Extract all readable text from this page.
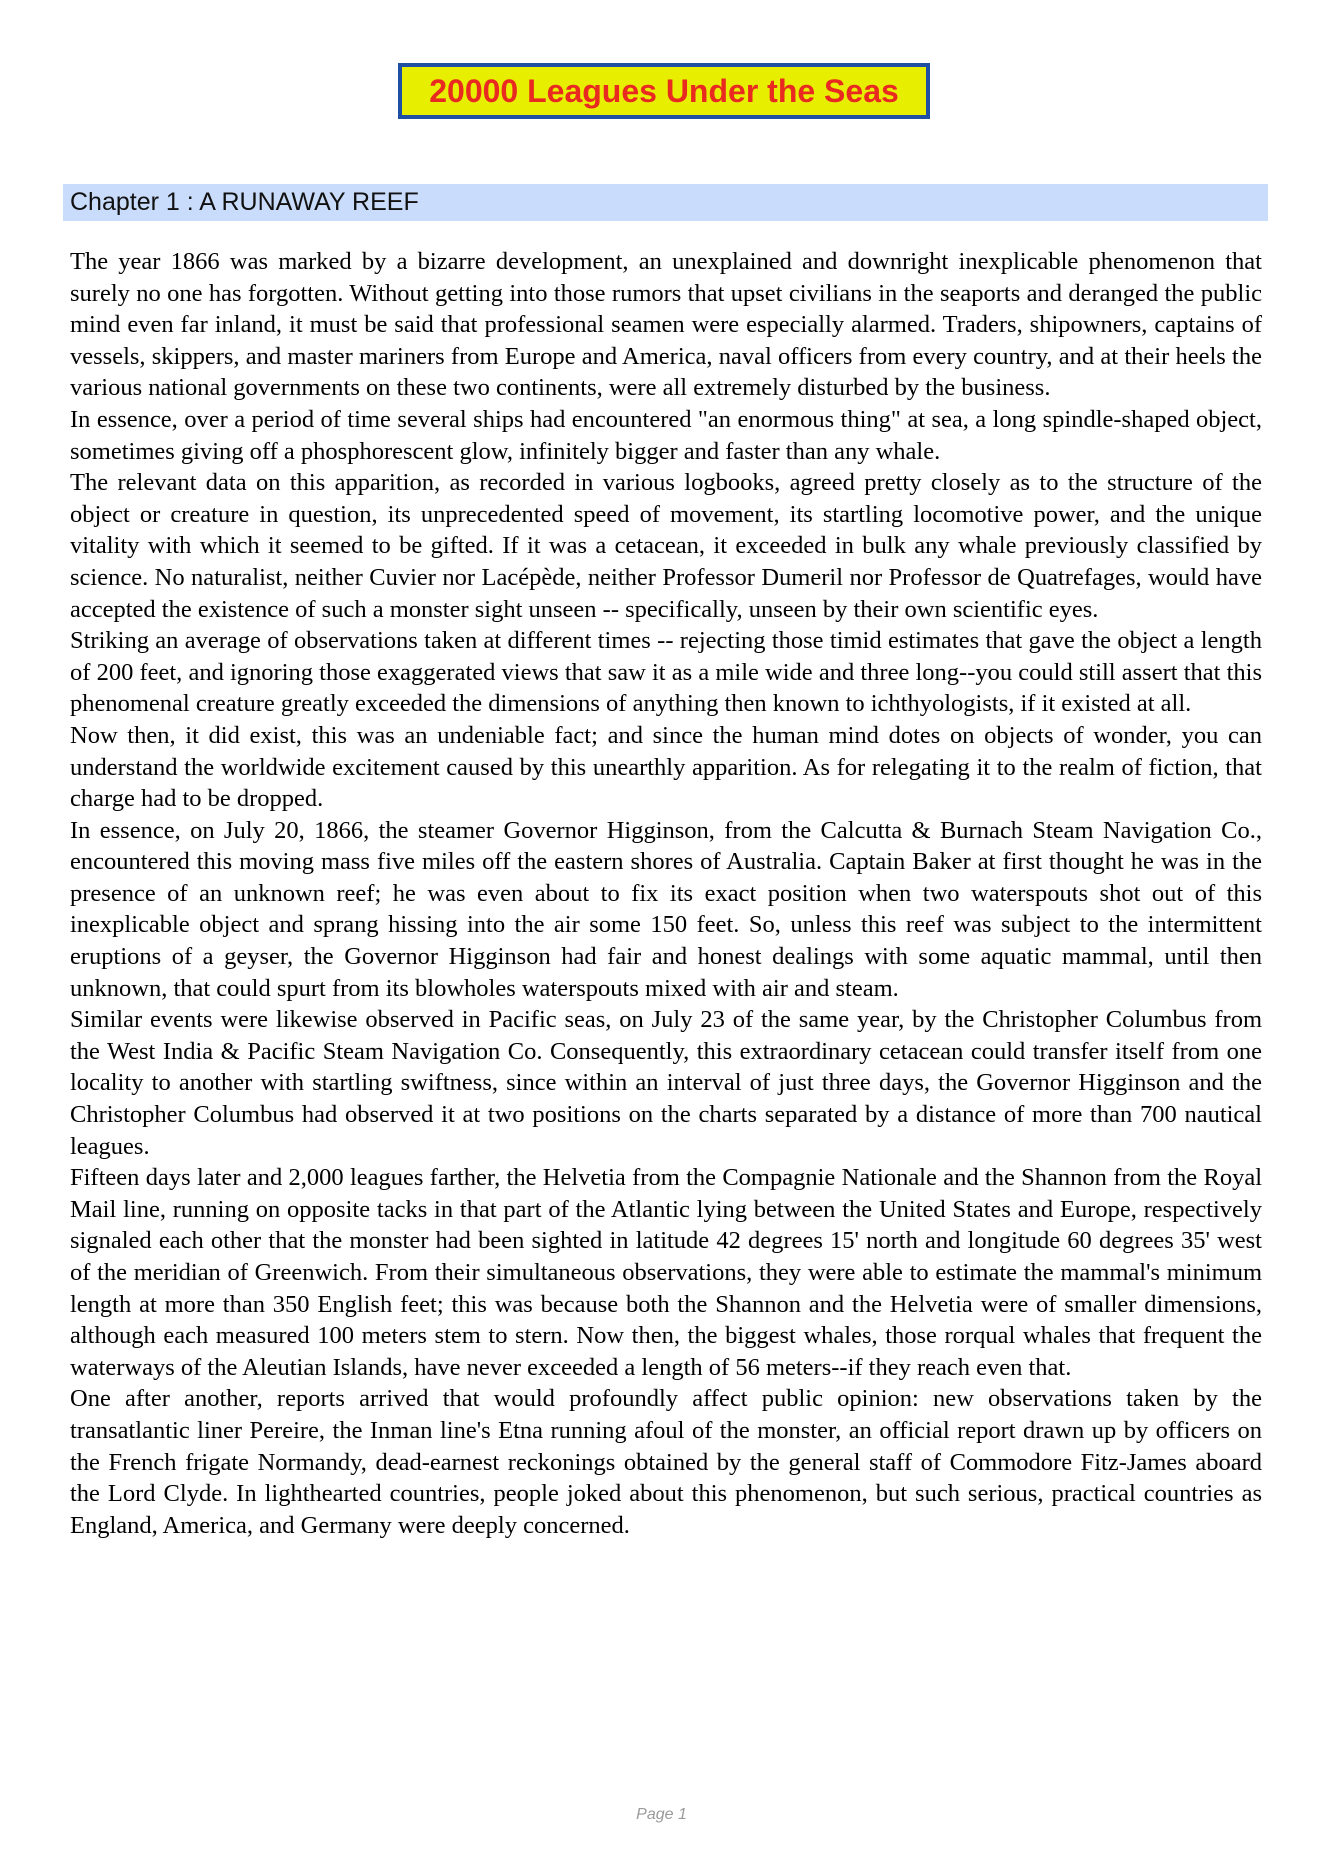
20000 Leagues Under the Seas
Chapter 1 : A RUNAWAY REEF

The year 1866 was marked by a bizarre development, an unexplained and downright inexplicable phenomenon that surely no one has forgotten. Without getting into those rumors that upset civilians in the seaports and deranged the public mind even far inland, it must be said that professional seamen were especially alarmed. Traders, shipowners, captains of vessels, skippers, and master mariners from Europe and America, naval officers from every country, and at their heels the various national governments on these two continents, were all extremely disturbed by the business.

In essence, over a period of time several ships had encountered "an enormous thing" at sea, a long spindle-shaped object, sometimes giving off a phosphorescent glow, infinitely bigger and faster than any whale.

The relevant data on this apparition, as recorded in various logbooks, agreed pretty closely as to the structure of the object or creature in question, its unprecedented speed of movement, its startling locomotive power, and the unique vitality with which it seemed to be gifted. If it was a cetacean, it exceeded in bulk any whale previously classified by science. No naturalist, neither Cuvier nor Lacépède, neither Professor Dumeril nor Professor de Quatrefages, would have accepted the existence of such a monster sight unseen -- specifically, unseen by their own scientific eyes.

Striking an average of observations taken at different times -- rejecting those timid estimates that gave the object a length of 200 feet, and ignoring those exaggerated views that saw it as a mile wide and three long--you could still assert that this phenomenal creature greatly exceeded the dimensions of anything then known to ichthyologists, if it existed at all.

Now then, it did exist, this was an undeniable fact; and since the human mind dotes on objects of wonder, you can understand the worldwide excitement caused by this unearthly apparition. As for relegating it to the realm of fiction, that charge had to be dropped.

In essence, on July 20, 1866, the steamer Governor Higginson, from the Calcutta & Burnach Steam Navigation Co., encountered this moving mass five miles off the eastern shores of Australia. Captain Baker at first thought he was in the presence of an unknown reef; he was even about to fix its exact position when two waterspouts shot out of this inexplicable object and sprang hissing into the air some 150 feet. So, unless this reef was subject to the intermittent eruptions of a geyser, the Governor Higginson had fair and honest dealings with some aquatic mammal, until then unknown, that could spurt from its blowholes waterspouts mixed with air and steam.

Similar events were likewise observed in Pacific seas, on July 23 of the same year, by the Christopher Columbus from the West India & Pacific Steam Navigation Co. Consequently, this extraordinary cetacean could transfer itself from one locality to another with startling swiftness, since within an interval of just three days, the Governor Higginson and the Christopher Columbus had observed it at two positions on the charts separated by a distance of more than 700 nautical leagues.

Fifteen days later and 2,000 leagues farther, the Helvetia from the Compagnie Nationale and the Shannon from the Royal Mail line, running on opposite tacks in that part of the Atlantic lying between the United States and Europe, respectively signaled each other that the monster had been sighted in latitude 42 degrees 15' north and longitude 60 degrees 35' west of the meridian of Greenwich. From their simultaneous observations, they were able to estimate the mammal's minimum length at more than 350 English feet; this was because both the Shannon and the Helvetia were of smaller dimensions, although each measured 100 meters stem to stern. Now then, the biggest whales, those rorqual whales that frequent the waterways of the Aleutian Islands, have never exceeded a length of 56 meters--if they reach even that.

One after another, reports arrived that would profoundly affect public opinion: new observations taken by the transatlantic liner Pereire, the Inman line's Etna running afoul of the monster, an official report drawn up by officers on the French frigate Normandy, dead-earnest reckonings obtained by the general staff of Commodore Fitz-James aboard the Lord Clyde. In lighthearted countries, people joked about this phenomenon, but such serious, practical countries as England, America, and Germany were deeply concerned.

Page 1
